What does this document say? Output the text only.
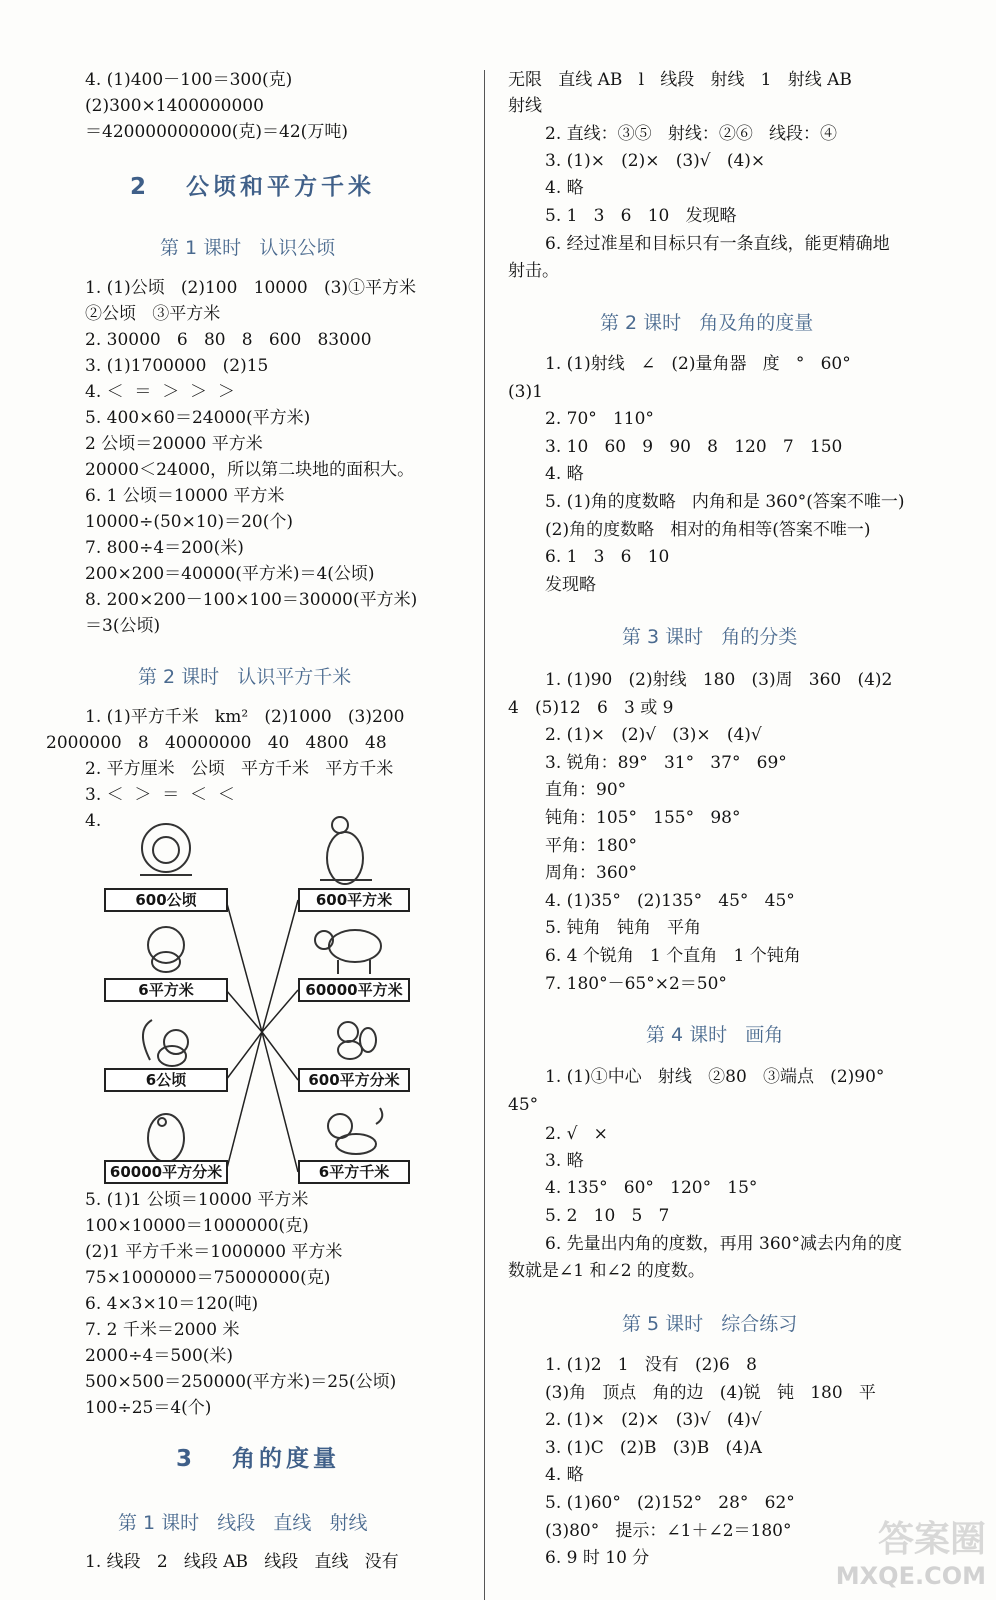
答案圈
MXQE.COM
4. (1)400－100＝300(克)
(2)300×1400000000
＝420000000000(克)＝42(万吨)
2   公顷和平方千米
第 1 课时   认识公顷
1. (1)公顷   (2)100   10000   (3)①平方米
②公顷   ③平方米
2. 30000   6   80   8   600   83000
3. (1)1700000   (2)15
4. ＜  ＝  ＞  ＞  ＞
5. 400×60＝24000(平方米)
2 公顷＝20000 平方米
20000＜24000，所以第二块地的面积大。
6. 1 公顷＝10000 平方米
10000÷(50×10)＝20(个)
7. 800÷4＝200(米)
200×200＝40000(平方米)＝4(公顷)
8. 200×200－100×100＝30000(平方米)
＝3(公顷)
第 2 课时   认识平方千米
1. (1)平方千米   km²   (2)1000   (3)200
2000000   8   40000000   40   4800   48
2. 平方厘米   公顷   平方千米   平方千米
3. ＜  ＞  ＝  ＜  ＜
4.
600公顷
6平方米
6公顷
60000平方分米
600平方米
60000平方米
600平方分米
6平方千米
5. (1)1 公顷＝10000 平方米
100×10000＝1000000(克)
(2)1 平方千米＝1000000 平方米
75×1000000＝75000000(克)
6. 4×3×10＝120(吨)
7. 2 千米＝2000 米
2000÷4＝500(米)
500×500＝250000(平方米)＝25(公顷)
100÷25＝4(个)
3   角的度量
第 1 课时   线段   直线   射线
1. 线段   2   线段 AB   线段   直线   没有
无限   直线 AB   l   线段   射线   1   射线 AB
射线
2. 直线：③⑤   射线：②⑥   线段：④
3. (1)×   (2)×   (3)√   (4)×
4. 略
5. 1   3   6   10   发现略
6. 经过准星和目标只有一条直线，能更精确地
射击。
第 2 课时   角及角的度量
1. (1)射线   ∠   (2)量角器   度   °   60°
(3)1
2. 70°   110°
3. 10   60   9   90   8   120   7   150
4. 略
5. (1)角的度数略   内角和是 360°(答案不唯一)
(2)角的度数略   相对的角相等(答案不唯一)
6. 1   3   6   10
发现略
第 3 课时   角的分类
1. (1)90   (2)射线   180   (3)周   360   (4)2
4   (5)12   6   3 或 9
2. (1)×   (2)√   (3)×   (4)√
3. 锐角：89°   31°   37°   69°
直角：90°
钝角：105°   155°   98°
平角：180°
周角：360°
4. (1)35°   (2)135°   45°   45°
5. 钝角   钝角   平角
6. 4 个锐角   1 个直角   1 个钝角
7. 180°－65°×2＝50°
第 4 课时   画角
1. (1)①中心   射线   ②80   ③端点   (2)90°
45°
2. √   ×
3. 略
4. 135°   60°   120°   15°
5. 2   10   5   7
6. 先量出内角的度数，再用 360°减去内角的度
数就是∠1 和∠2 的度数。
第 5 课时   综合练习
1. (1)2   1   没有   (2)6   8
(3)角   顶点   角的边   (4)锐   钝   180   平
2. (1)×   (2)×   (3)√   (4)√
3. (1)C   (2)B   (3)B   (4)A
4. 略
5. (1)60°   (2)152°   28°   62°
(3)80°   提示：∠1＋∠2＝180°
6. 9 时 10 分
